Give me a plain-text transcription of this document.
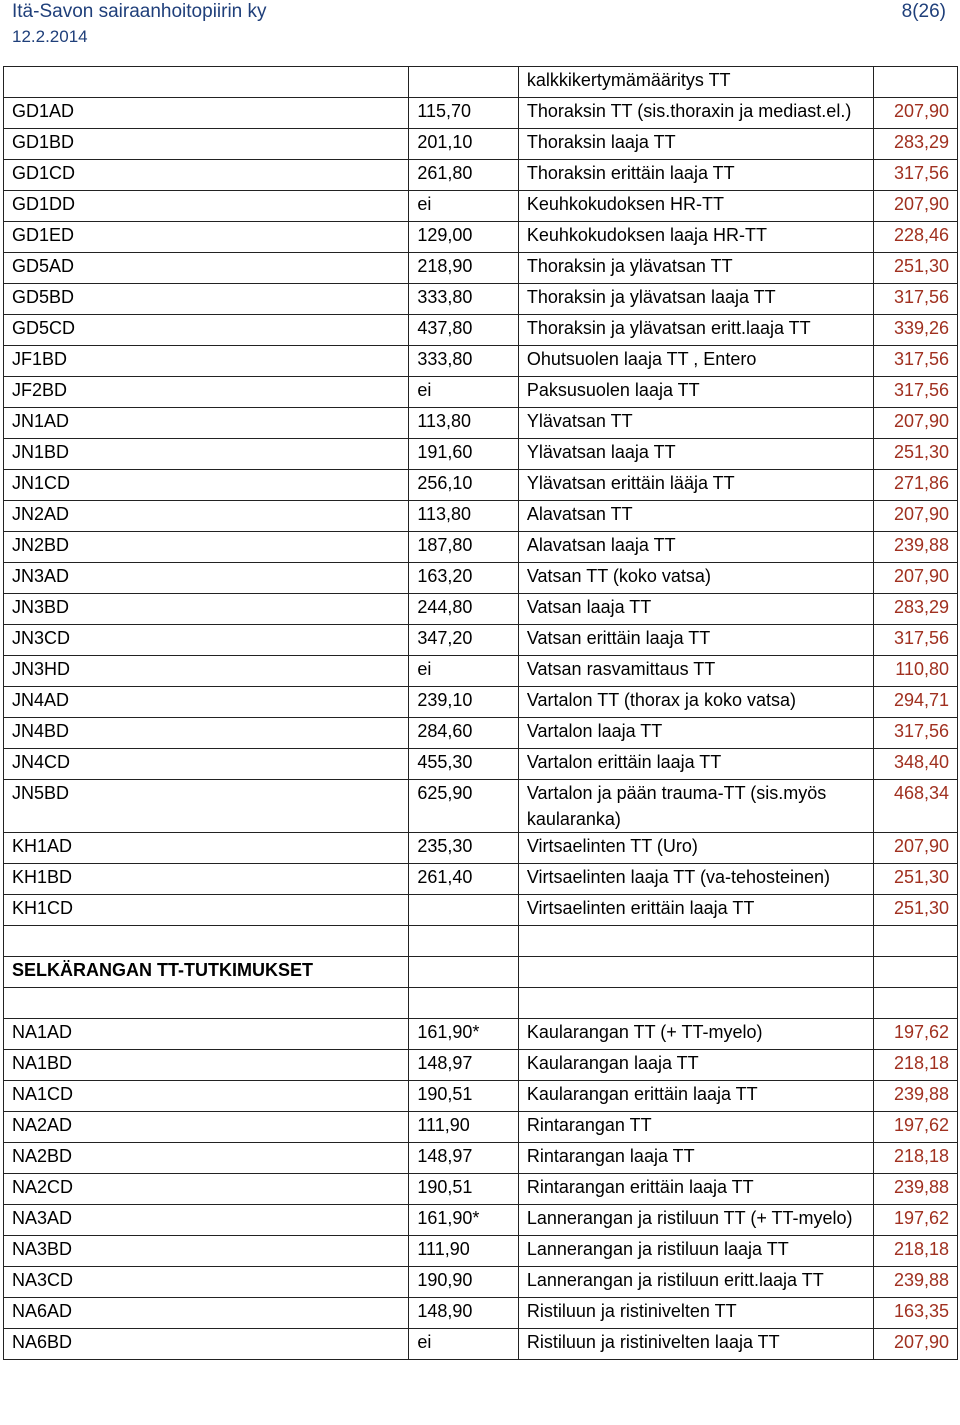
Itä-Savon sairaanhoitopiirin ky	8(26)
12.2.2014
		kalkkikertymämääritys TT	
GD1AD	115,70	Thoraksin TT (sis.thoraxin ja mediast.el.)	207,90
GD1BD	201,10	Thoraksin laaja TT	283,29
GD1CD	261,80	Thoraksin erittäin laaja TT	317,56
GD1DD	ei	Keuhkokudoksen HR-TT	207,90
GD1ED	129,00	Keuhkokudoksen laaja HR-TT	228,46
GD5AD	218,90	Thoraksin ja ylävatsan TT	251,30
GD5BD	333,80	Thoraksin ja ylävatsan laaja TT	317,56
GD5CD	437,80	Thoraksin ja ylävatsan eritt.laaja TT	339,26
JF1BD	333,80	Ohutsuolen laaja TT , Entero	317,56
JF2BD	ei	Paksusuolen laaja TT	317,56
JN1AD	113,80	Ylävatsan TT	207,90
JN1BD	191,60	Ylävatsan laaja TT	251,30
JN1CD	256,10	Ylävatsan erittäin lääja TT	271,86
JN2AD	113,80	Alavatsan TT	207,90
JN2BD	187,80	Alavatsan laaja TT	239,88
JN3AD	163,20	Vatsan TT (koko vatsa)	207,90
JN3BD	244,80	Vatsan laaja TT	283,29
JN3CD	347,20	Vatsan erittäin laaja TT	317,56
JN3HD	ei	Vatsan rasvamittaus TT	110,80
JN4AD	239,10	Vartalon TT (thorax ja koko vatsa)	294,71
JN4BD	284,60	Vartalon laaja TT	317,56
JN4CD	455,30	Vartalon erittäin laaja TT	348,40
JN5BD	625,90	Vartalon ja pään trauma-TT (sis.myös kaularanka)	468,34
KH1AD	235,30	Virtsaelinten TT (Uro)	207,90
KH1BD	261,40	Virtsaelinten laaja TT (va-tehosteinen)	251,30
KH1CD		Virtsaelinten erittäin laaja TT	251,30

SELKÄRANGAN TT-TUTKIMUKSET			

NA1AD	161,90*	Kaularangan TT (+ TT-myelo)	197,62
NA1BD	148,97	Kaularangan laaja TT	218,18
NA1CD	190,51	Kaularangan erittäin laaja TT	239,88
NA2AD	111,90	Rintarangan TT	197,62
NA2BD	148,97	Rintarangan laaja TT	218,18
NA2CD	190,51	Rintarangan erittäin laaja TT	239,88
NA3AD	161,90*	Lannerangan ja ristiluun TT (+ TT-myelo)	197,62
NA3BD	111,90	Lannerangan ja ristiluun laaja TT	218,18
NA3CD	190,90	Lannerangan ja ristiluun eritt.laaja TT	239,88
NA6AD	148,90	Ristiluun ja ristinivelten TT	163,35
NA6BD	ei	Ristiluun ja ristinivelten laaja TT	207,90
